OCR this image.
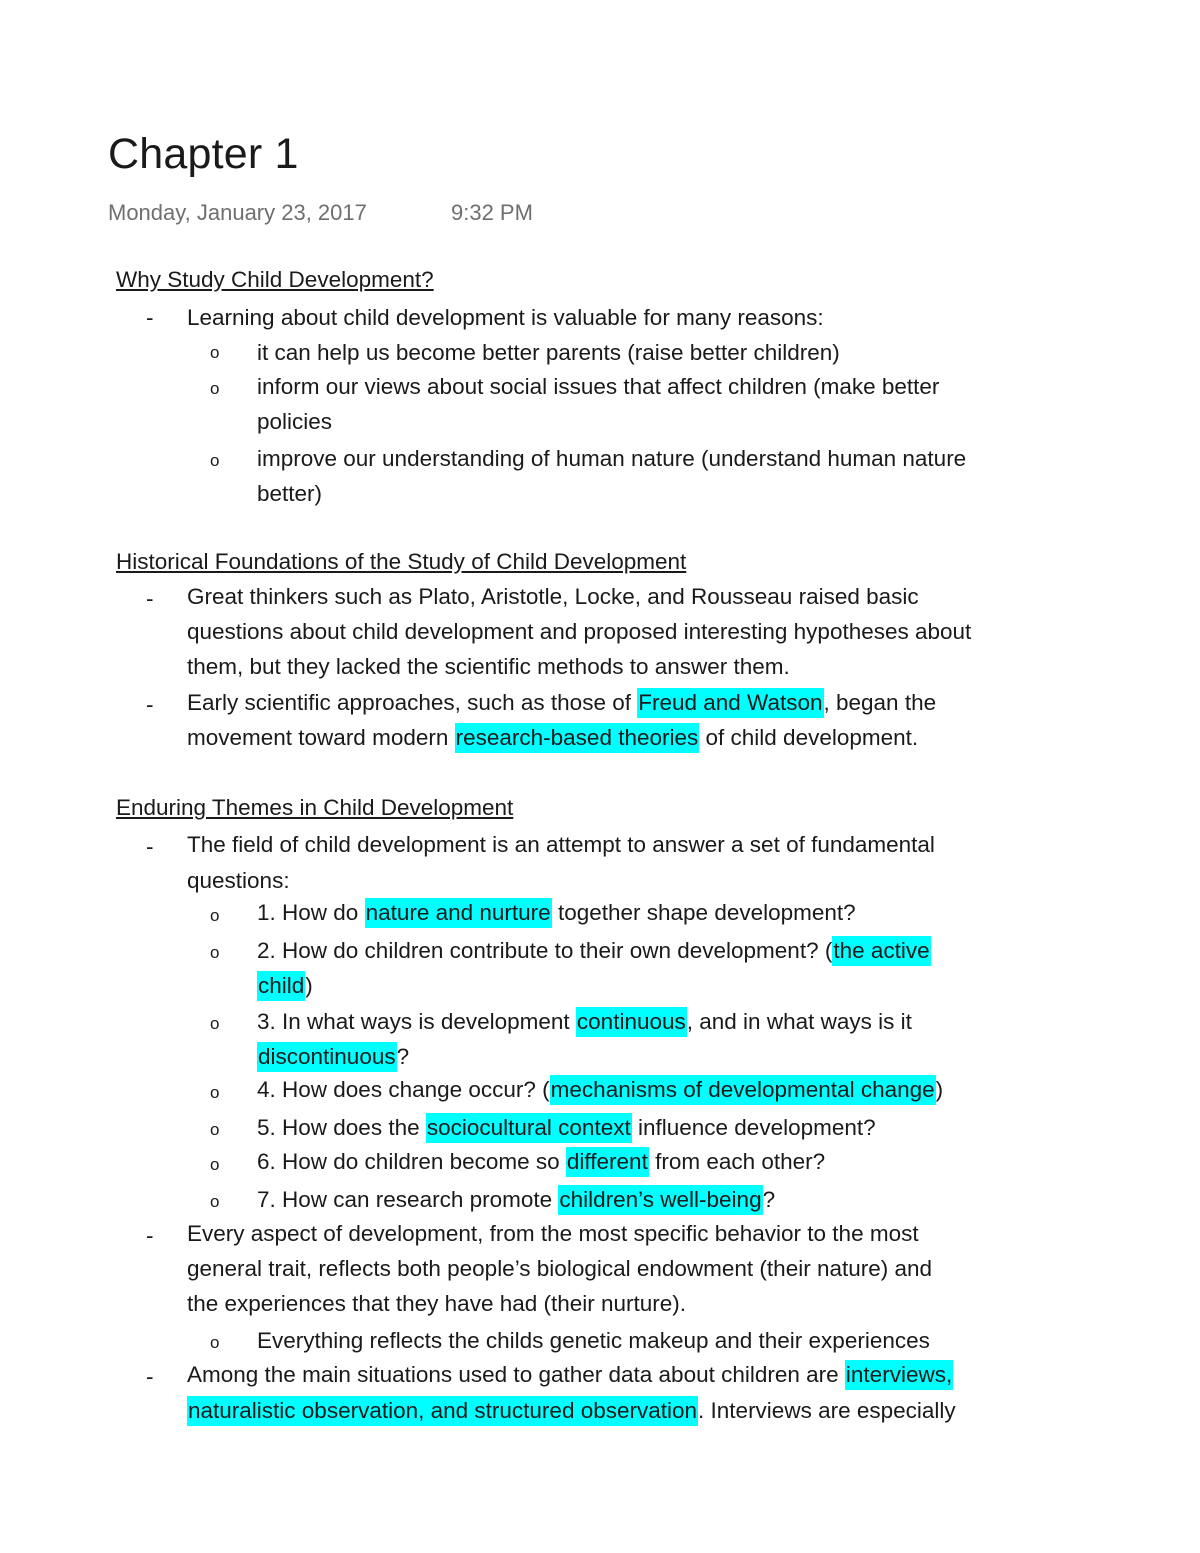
Chapter 1
Monday, January 23, 2017	9:32 PM
Why Study Child Development?
- Learning about child development is valuable for many reasons:
o it can help us become better parents (raise better children)
o inform our views about social issues that affect children (make better
policies
o improve our understanding of human nature (understand human nature
better)
Historical Foundations of the Study of Child Development
- Great thinkers such as Plato, Aristotle, Locke, and Rousseau raised basic
questions about child development and proposed interesting hypotheses about
them, but they lacked the scientific methods to answer them.
- Early scientific approaches, such as those of Freud and Watson, began the
movement toward modern research-based theories of child development.
Enduring Themes in Child Development
- The field of child development is an attempt to answer a set of fundamental
questions:
o 1. How do nature and nurture together shape development?
o 2. How do children contribute to their own development? (the active
child)
o 3. In what ways is development continuous, and in what ways is it
discontinuous?
o 4. How does change occur? (mechanisms of developmental change)
o 5. How does the sociocultural context influence development?
o 6. How do children become so different from each other?
o 7. How can research promote children’s well-being?
- Every aspect of development, from the most specific behavior to the most
general trait, reflects both people’s biological endowment (their nature) and
the experiences that they have had (their nurture).
o Everything reflects the childs genetic makeup and their experiences
- Among the main situations used to gather data about children are interviews,
naturalistic observation, and structured observation. Interviews are especially
